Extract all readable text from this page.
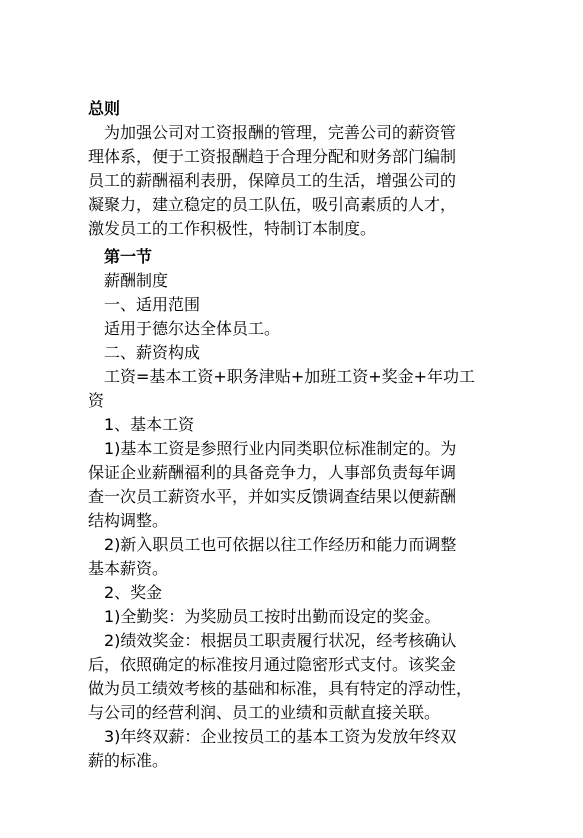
总则

为加强公司对工资报酬的管理，完善公司的薪资管

理体系，便于工资报酬趋于合理分配和财务部门编制

员工的薪酬福利表册，保障员工的生活，增强公司的

凝聚力，建立稳定的员工队伍，吸引高素质的人才，

激发员工的工作积极性，特制订本制度。

第一节

薪酬制度

一、适用范围

适用于德尔达全体员工。

二、薪资构成

工资=基本工资+职务津贴+加班工资+奖金+年功工

资

1、基本工资

1)基本工资是参照行业内同类职位标准制定的。为

保证企业薪酬福利的具备竞争力，人事部负责每年调

查一次员工薪资水平，并如实反馈调查结果以便薪酬

结构调整。

2)新入职员工也可依据以往工作经历和能力而调整

基本薪资。

2、奖金

1)全勤奖：为奖励员工按时出勤而设定的奖金。

2)绩效奖金：根据员工职责履行状况，经考核确认

后，依照确定的标准按月通过隐密形式支付。该奖金

做为员工绩效考核的基础和标准，具有特定的浮动性，

与公司的经营利润、员工的业绩和贡献直接关联。

3)年终双薪：企业按员工的基本工资为发放年终双

薪的标准。
